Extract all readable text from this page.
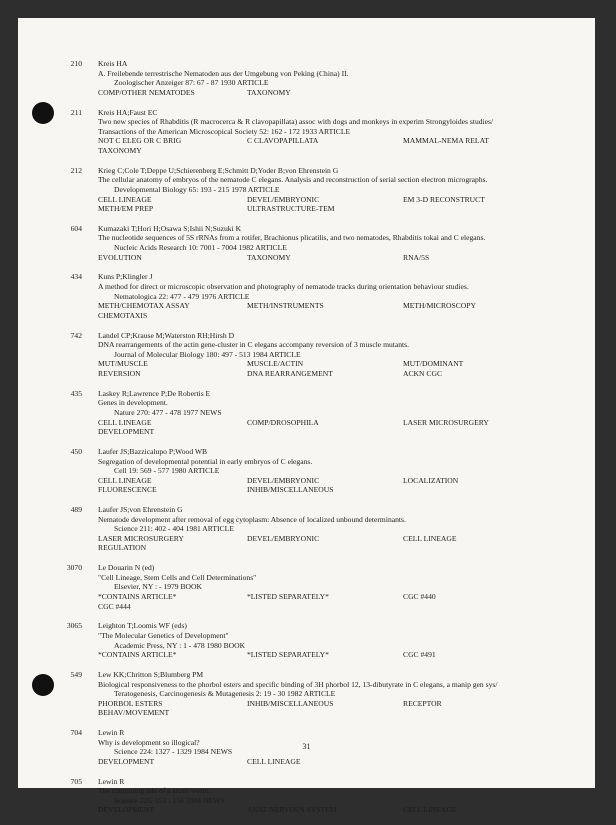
210 Kreis HA
A. Freilebende terrestrische Nematoden aus der Umgebung von Peking (China) II.
Zoologischer Anzeiger 87: 67 - 87 1930 ARTICLE
COMP/OTHER NEMATODES	TAXONOMY
211 Kreis HA;Faust EC
Two new species of Rhabditis (R macrocerca & R clavopapillata) assoc with dogs and monkeys in experim Strongyloides studies/
Transactions of the American Microscopical Society 52: 162 - 172 1933 ARTICLE
NOT C ELEG OR C BRIG	C CLAVOPAPILLATA	MAMMAL-NEMA RELAT
TAXONOMY
212 Krieg C;Cole T;Deppe U;Schierenberg E;Schmitt D;Yoder B;von Ehrenstein G
The cellular anatomy of embryos of the nematode C elegans. Analysis and reconstruction of serial section electron micrographs.
Developmental Biology 65: 193 - 215 1978 ARTICLE
CELL LINEAGE	DEVEL/EMBRYONIC	EM 3-D RECONSTRUCT
METH/EM PREP	ULTRASTRUCTURE-TEM
604 Kumazaki T;Hori H;Osawa S;Ishii N;Suzuki K
The nucleotide sequences of 5S rRNAs from a rotifer, Brachionus plicatilis, and two nematodes, Rhabditis tokai and C elegans.
Nucleic Acids Research 10: 7001 - 7004 1982 ARTICLE
EVOLUTION	TAXONOMY	RNA/5S
434 Kuns P;Klingler J
A method for direct or microscopic observation and photography of nematode tracks during orientation behaviour studies.
Nematologica 22: 477 - 479 1976 ARTICLE
METH/CHEMOTAX ASSAY	METH/INSTRUMENTS	METH/MICROSCOPY
CHEMOTAXIS
742 Landel CP;Krause M;Waterston RH;Hirsh D
DNA rearrangements of the actin gene-cluster in C elegans accompany reversion of 3 muscle mutants.
Journal of Molecular Biology 180: 497 - 513 1984 ARTICLE
MUT/MUSCLE	MUSCLE/ACTIN	MUT/DOMINANT
REVERSION	DNA REARRANGEMENT	ACKN CGC
435 Laskey R;Lawrence P;De Robertis E
Genes in development.
Nature 270: 477 - 478 1977 NEWS
CELL LINEAGE	COMP/DROSOPHILA	LASER MICROSURGERY
DEVELOPMENT
450 Laufer JS;Bazzicalupo P;Wood WB
Segregation of developmental potential in early embryos of C elegans.
Cell 19: 569 - 577 1980 ARTICLE
CELL LINEAGE	DEVEL/EMBRYONIC	LOCALIZATION
FLUORESCENCE	INHIB/MISCELLANEOUS
489 Laufer JS;von Ehrenstein G
Nematode development after removal of egg cytoplasm: Absence of localized unbound determinants.
Science 211: 402 - 404 1981 ARTICLE
LASER MICROSURGERY	DEVEL/EMBRYONIC	CELL LINEAGE
REGULATION
3070 Le Douarin N (ed)
"Cell Lineage, Stem Cells and Cell Determinations"
Elsevier, NY : - 1979 BOOK
*CONTAINS ARTICLE*	*LISTED SEPARATELY*	CGC #440
CGC #444
3065 Leighton T;Loomis WF (eds)
"The Molecular Genetics of Development"
Academic Press, NY : 1 - 478 1980 BOOK
*CONTAINS ARTICLE*	*LISTED SEPARATELY*	CGC #491
549 Lew KK;Chritton S;Blumberg PM
Biological responsiveness to the phorbol esters and specific binding of 3H phorbol 12, 13-dibutyrate in C elegans, a manip gen sys/
Teratogenesis, Carcinogenesis & Mutagenesis 2: 19 - 30 1982 ARTICLE
PHORBOL ESTERS	INHIB/MISCELLANEOUS	RECEPTOR
BEHAV/MOVEMENT
704 Lewin R
Why is development so illogical?
Science 224: 1327 - 1329 1984 NEWS
DEVELOPMENT	CELL LINEAGE
705 Lewin R
The continuing tale of a small worm.
Science 225: 153 - 156 1984 NEWS
DEVELOPMENT	ANAT/NERVOUS SYSTEM	CELL LINEAGE
31
